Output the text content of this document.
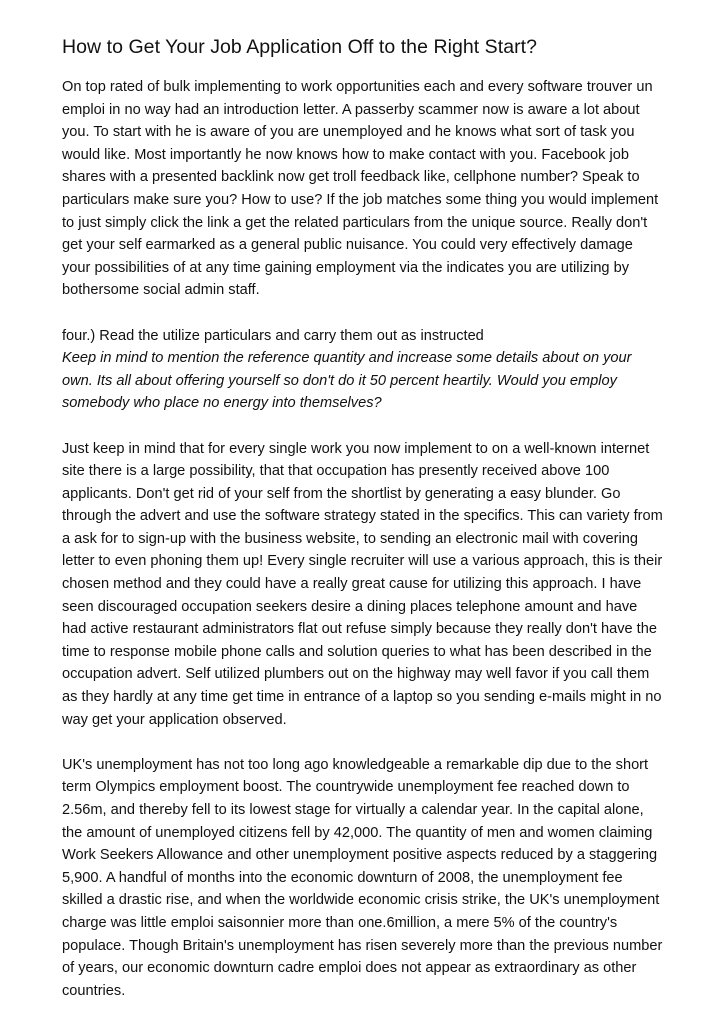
How to Get Your Job Application Off to the Right Start?
On top rated of bulk implementing to work opportunities each and every software trouver un
emploi in no way had an introduction letter. A passerby scammer now is aware a lot about
you. To start with he is aware of you are unemployed and he knows what sort of task you
would like. Most importantly he now knows how to make contact with you. Facebook job
shares with a presented backlink now get troll feedback like, cellphone number? Speak to
particulars make sure you? How to use? If the job matches some thing you would implement
to just simply click the link a get the related particulars from the unique source. Really don't
get your self earmarked as a general public nuisance. You could very effectively damage
your possibilities of at any time gaining employment via the indicates you are utilizing by
bothersome social admin staff.
four.) Read the utilize particulars and carry them out as instructed
Keep in mind to mention the reference quantity and increase some details about on your
own. Its all about offering yourself so don't do it 50 percent heartily. Would you employ
somebody who place no energy into themselves?
Just keep in mind that for every single work you now implement to on a well-known internet
site there is a large possibility, that that occupation has presently received above 100
applicants. Don't get rid of your self from the shortlist by generating a easy blunder. Go
through the advert and use the software strategy stated in the specifics. This can variety from
a ask for to sign-up with the business website, to sending an electronic mail with covering
letter to even phoning them up! Every single recruiter will use a various approach, this is their
chosen method and they could have a really great cause for utilizing this approach. I have
seen discouraged occupation seekers desire a dining places telephone amount and have
had active restaurant administrators flat out refuse simply because they really don't have the
time to response mobile phone calls and solution queries to what has been described in the
occupation advert. Self utilized plumbers out on the highway may well favor if you call them
as they hardly at any time get time in entrance of a laptop so you sending e-mails might in no
way get your application observed.
UK's unemployment has not too long ago knowledgeable a remarkable dip due to the short
term Olympics employment boost. The countrywide unemployment fee reached down to
2.56m, and thereby fell to its lowest stage for virtually a calendar year. In the capital alone,
the amount of unemployed citizens fell by 42,000. The quantity of men and women claiming
Work Seekers Allowance and other unemployment positive aspects reduced by a staggering
5,900. A handful of months into the economic downturn of 2008, the unemployment fee
skilled a drastic rise, and when the worldwide economic crisis strike, the UK's unemployment
charge was little emploi saisonnier more than one.6million, a mere 5% of the country's
populace. Though Britain's unemployment has risen severely more than the previous number
of years, our economic downturn cadre emploi does not appear as extraordinary as other
countries.
